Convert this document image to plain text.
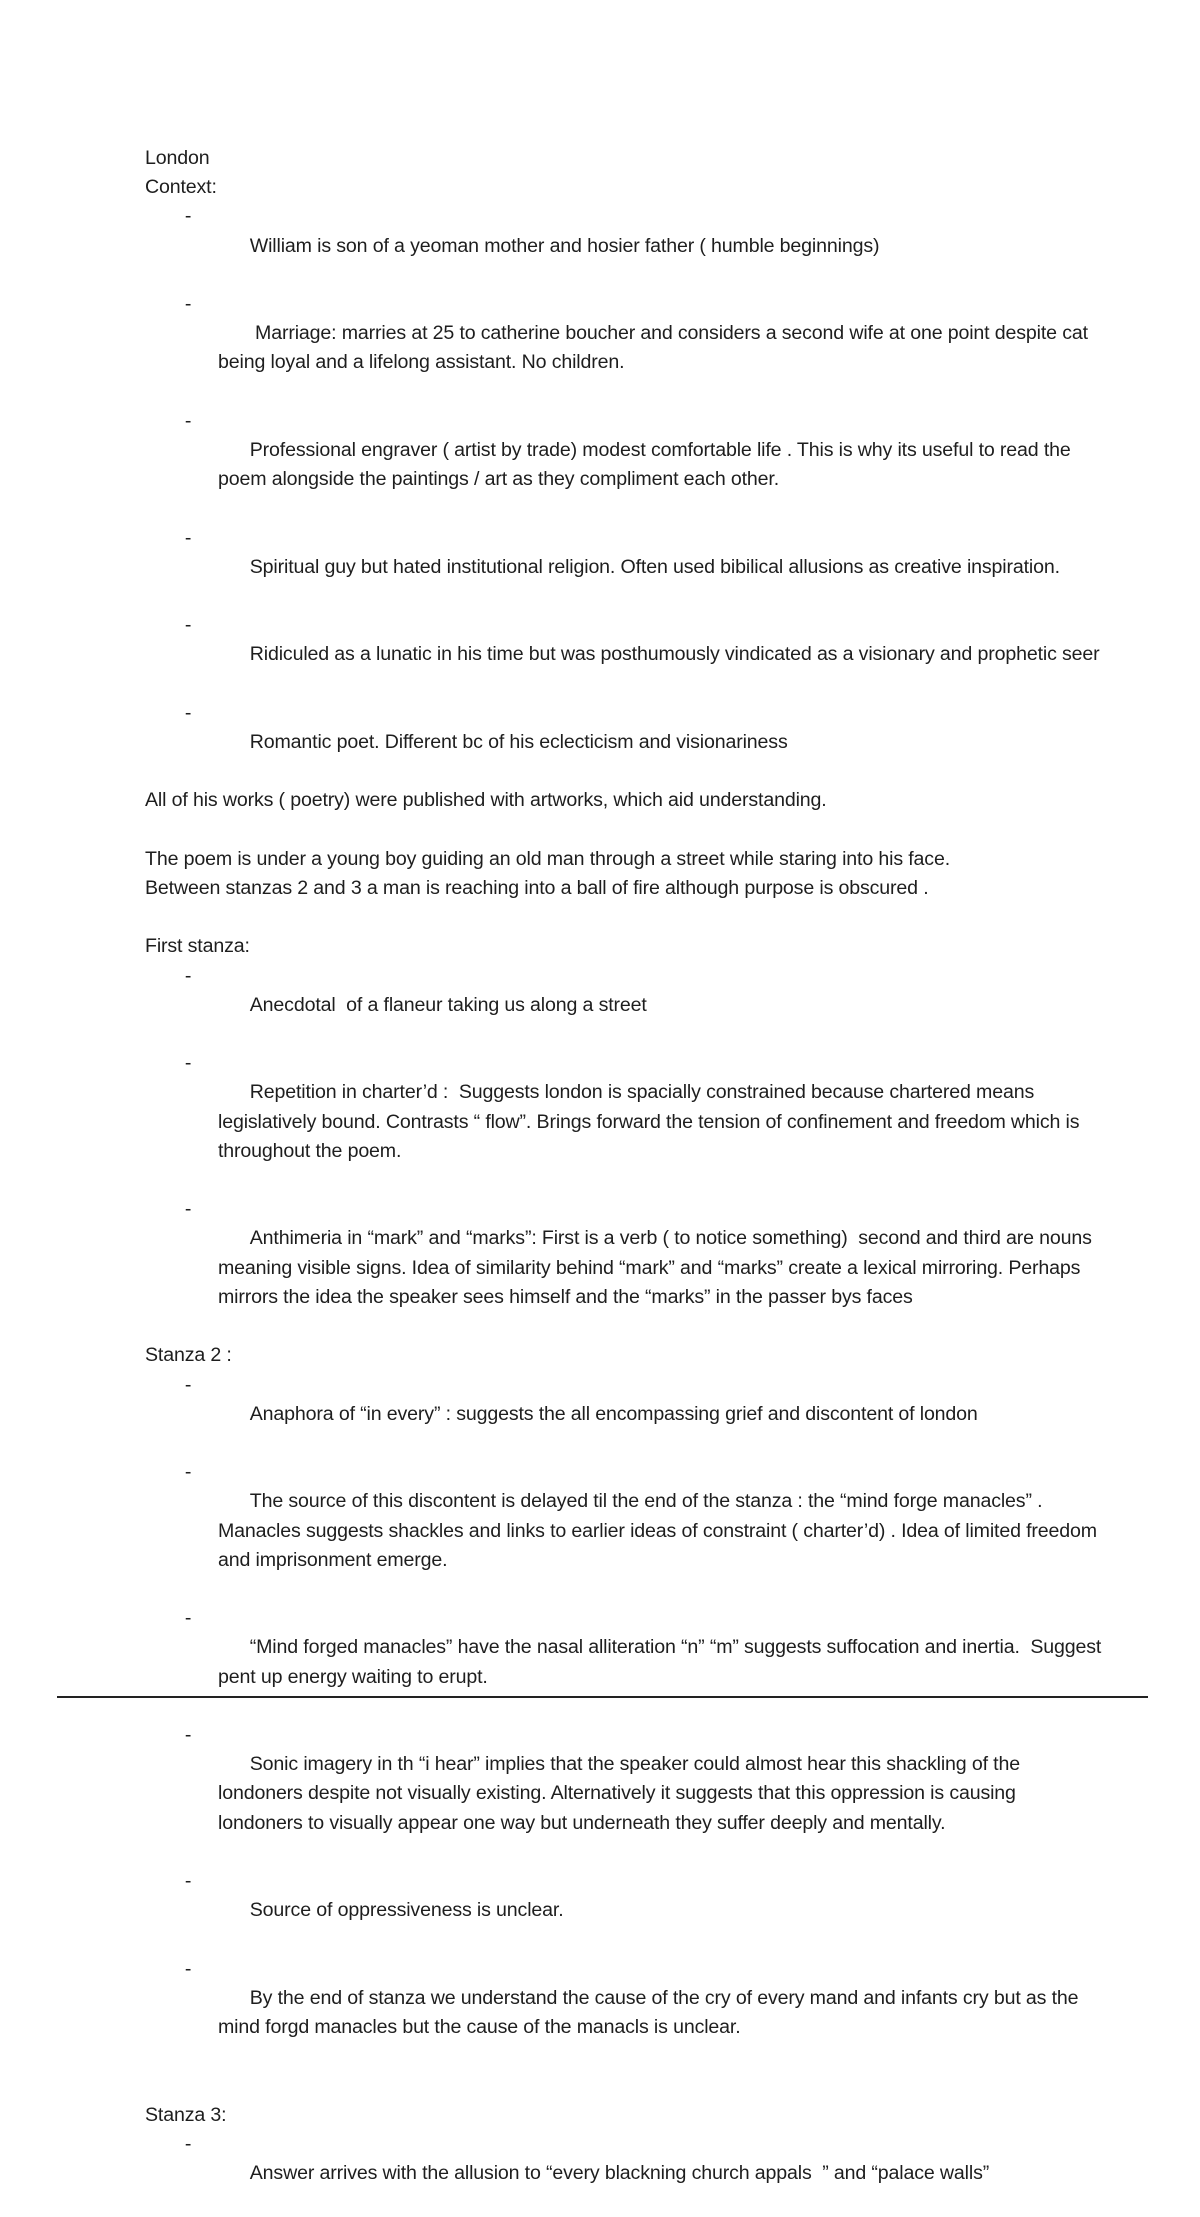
London

Context:

-
William is son of a yeoman mother and hosier father ( humble beginnings)

-
Marriage: marries at 25 to catherine boucher and considers a second wife at one point despite cat being loyal and a lifelong assistant. No children.

-
Professional engraver ( artist by trade) modest comfortable life . This is why its useful to read the poem alongside the paintings / art as they compliment each other.

-
Spiritual guy but hated institutional religion. Often used bibilical allusions as creative inspiration.

-
Ridiculed as a lunatic in his time but was posthumously vindicated as a visionary and prophetic seer

-
Romantic poet. Different bc of his eclecticism and visionariness

All of his works ( poetry) were published with artworks, which aid understanding.

The poem is under a young boy guiding an old man through a street while staring into his face.

Between stanzas 2 and 3 a man is reaching into a ball of fire although purpose is obscured .

First stanza:

-
Anecdotal  of a flaneur taking us along a street

-
Repetition in charter’d :  Suggests london is spacially constrained because chartered means legislatively bound. Contrasts “ flow”. Brings forward the tension of confinement and freedom which is throughout the poem.

-
Anthimeria in “mark” and “marks”: First is a verb ( to notice something)  second and third are nouns meaning visible signs. Idea of similarity behind “mark” and “marks” create a lexical mirroring. Perhaps mirrors the idea the speaker sees himself and the “marks” in the passer bys faces

Stanza 2 :

-
Anaphora of “in every” : suggests the all encompassing grief and discontent of london

-
The source of this discontent is delayed til the end of the stanza : the “mind forge manacles” . Manacles suggests shackles and links to earlier ideas of constraint ( charter’d) . Idea of limited freedom and imprisonment emerge.

-
“Mind forged manacles” have the nasal alliteration “n” “m” suggests suffocation and inertia.  Suggest pent up energy waiting to erupt.

-
Sonic imagery in th “i hear” implies that the speaker could almost hear this shackling of the londoners despite not visually existing. Alternatively it suggests that this oppression is causing londoners to visually appear one way but underneath they suffer deeply and mentally.

-
Source of oppressiveness is unclear.

-
By the end of stanza we understand the cause of the cry of every mand and infants cry but as the mind forgd manacles but the cause of the manacls is unclear.

Stanza 3:

-
Answer arrives with the allusion to “every blackning church appals  ” and “palace walls”
